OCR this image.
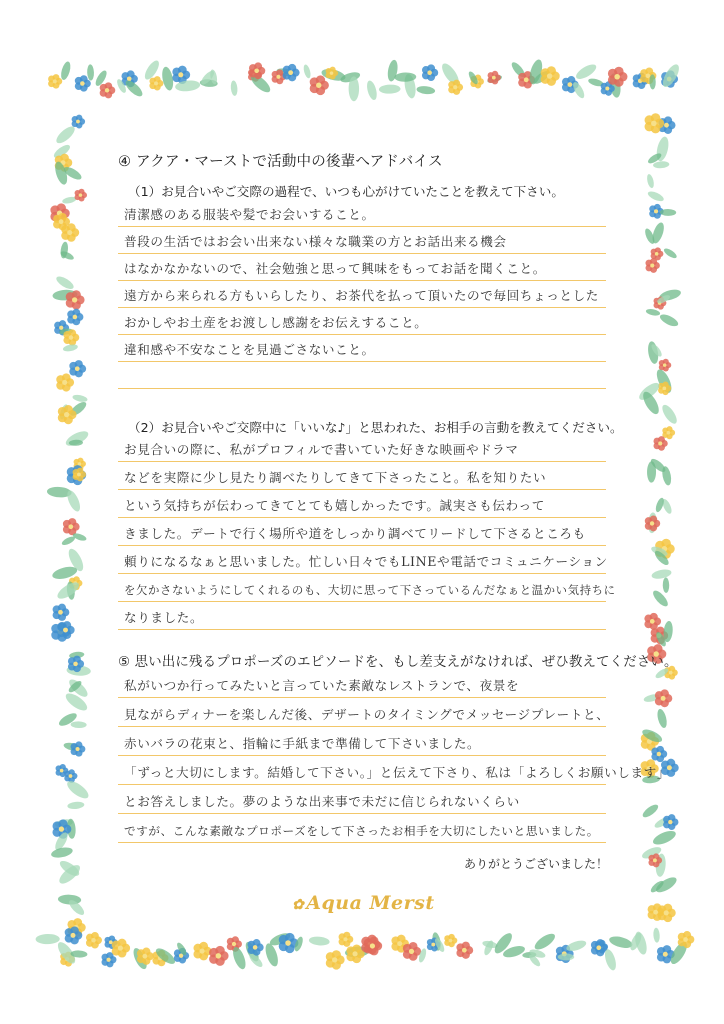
④ アクア・マーストで活動中の後輩へアドバイス
（1）お見合いやご交際の過程で、いつも心がけていたことを教えて下さい。
清潔感のある服装や髪でお会いすること。
普段の生活ではお会い出来ない様々な職業の方とお話出来る機会
はなかなかないので、社会勉強と思って興味をもってお話を聞くこと。
遠方から来られる方もいらしたり、お茶代を払って頂いたので毎回ちょっとした
おかしやお土産をお渡しし感謝をお伝えすること。
違和感や不安なことを見過ごさないこと。
（2）お見合いやご交際中に「いいな♪」と思われた、お相手の言動を教えてください。
お見合いの際に、私がプロフィルで書いていた好きな映画やドラマ
などを実際に少し見たり調べたりしてきて下さったこと。私を知りたい
という気持ちが伝わってきてとても嬉しかったです。誠実さも伝わって
きました。デートで行く場所や道をしっかり調べてリードして下さるところも
頼りになるなぁと思いました。忙しい日々でもLINEや電話でコミュニケーション
を欠かさないようにしてくれるのも、大切に思って下さっているんだなぁと温かい気持ちに
なりました。
⑤ 思い出に残るプロポーズのエピソードを、もし差支えがなければ、ぜひ教えてください。
私がいつか行ってみたいと言っていた素敵なレストランで、夜景を
見ながらディナーを楽しんだ後、デザートのタイミングでメッセージプレートと、
赤いバラの花束と、指輪に手紙まで準備して下さいました。
「ずっと大切にします。結婚して下さい。」と伝えて下さり、私は「よろしくお願いします」
とお答えしました。夢のような出来事で未だに信じられないくらい
ですが、こんな素敵なプロポーズをして下さったお相手を大切にしたいと思いました。
ありがとうございました！
✿ Aqua Merst
